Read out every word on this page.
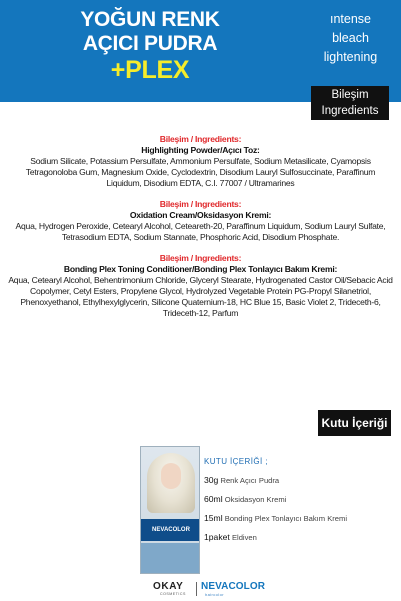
YOĞUN RENK
AÇICI PUDRA
+PLEX
ıntense
bleach
lightening
Bileşim
Ingredients

Bileşim / Ingredients:

Highlighting Powder/Açıcı Toz:

Sodium Silicate, Potassium Persulfate, Ammonium Persulfate, Sodium Metasilicate, Cyamopsis Tetragonoloba Gum, Magnesium Oxide, Cyclodextrin, Disodium Lauryl Sulfosuccinate, Paraffinum Liquidum, Disodium EDTA, C.I. 77007 / Ultramarines

Bileşim / Ingredients:

Oxidation Cream/Oksidasyon Kremi:

Aqua, Hydrogen Peroxide, Cetearyl Alcohol, Ceteareth-20, Paraffinum Liquidum, Sodium Lauryl Sulfate, Tetrasodium EDTA, Sodium Stannate, Phosphoric Acid, Disodium Phosphate.

Bileşim / Ingredients:

Bonding Plex Toning Conditioner/Bonding Plex Tonlayıcı Bakım Kremi:

Aqua, Cetearyl Alcohol, Behentrimonium Chloride, Glyceryl Stearate, Hydrogenated Castor Oil/Sebacic Acid Copolymer, Cetyl Esters, Propylene Glycol, Hydrolyzed Vegetable Protein PG-Propyl Silanetriol, Phenoxyethanol, Ethylhexylglycerin, Silicone Quaternium-18, HC Blue 15, Basic Violet 2, Trideceth-6, Trideceth-12, Parfum

Kutu İçeriği
NEVACOLOR
KUTU İÇERİĞİ ;
30g Renk Açıcı Pudra
60ml Oksidasyon Kremi
15ml Bonding Plex Tonlayıcı Bakım Kremi
1paket Eldiven
OKAY
COSMETICS
NEVACOLOR
haircolor
